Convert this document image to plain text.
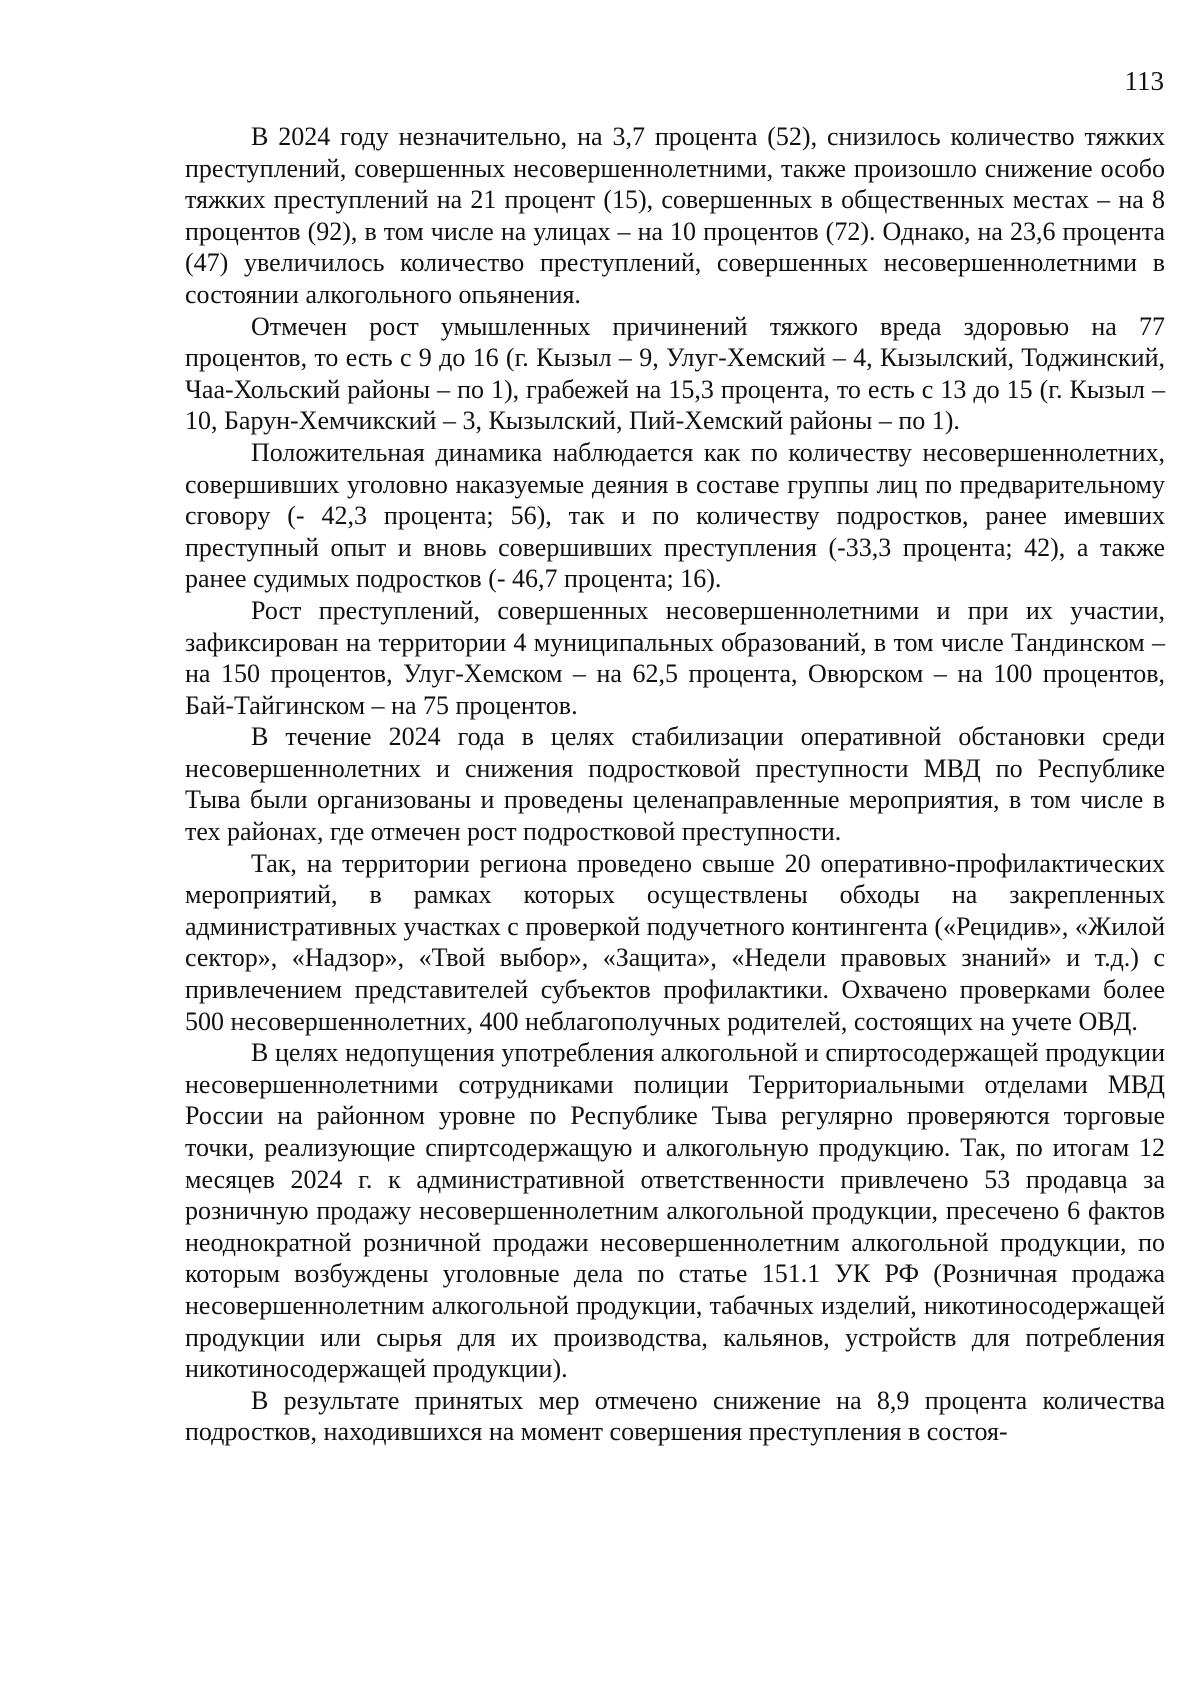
113

В 2024 году незначительно, на 3,7 процента (52), снизилось количество тяжких преступлений, совершенных несовершеннолетними, также произошло снижение особо тяжких преступлений на 21 процент (15), совершенных в общественных местах – на 8 процентов (92), в том числе на улицах – на 10 процентов (72). Однако, на 23,6 процента (47) увеличилось количество преступлений, совершенных несовершеннолетними в состоянии алкогольного опьянения.

Отмечен рост умышленных причинений тяжкого вреда здоровью на 77 процентов, то есть с 9 до 16 (г. Кызыл – 9, Улуг-Хемский – 4, Кызылский, Тоджинский, Чаа-Хольский районы – по 1), грабежей на 15,3 процента, то есть с 13 до 15 (г. Кызыл – 10, Барун-Хемчикский – 3, Кызылский, Пий-Хемский районы – по 1).

Положительная динамика наблюдается как по количеству несовершеннолетних, совершивших уголовно наказуемые деяния в составе группы лиц по предварительному сговору (- 42,3 процента; 56), так и по количеству подростков, ранее имевших преступный опыт и вновь совершивших преступления (-33,3 процента; 42), а также ранее судимых подростков (- 46,7 процента; 16).

Рост преступлений, совершенных несовершеннолетними и при их участии, зафиксирован на территории 4 муниципальных образований, в том числе Тандинском – на 150 процентов, Улуг-Хемском – на 62,5 процента, Овюрском – на 100 процентов, Бай-Тайгинском – на 75 процентов.

В течение 2024 года в целях стабилизации оперативной обстановки среди несовершеннолетних и снижения подростковой преступности МВД по Республике Тыва были организованы и проведены целенаправленные мероприятия, в том числе в тех районах, где отмечен рост подростковой преступности.

Так, на территории региона проведено свыше 20 оперативно-профилактических мероприятий, в рамках которых осуществлены обходы на закрепленных административных участках с проверкой подучетного контингента («Рецидив», «Жилой сектор», «Надзор», «Твой выбор», «Защита», «Недели правовых знаний» и т.д.) с привлечением представителей субъектов профилактики. Охвачено проверками более 500 несовершеннолетних, 400 неблагополучных родителей, состоящих на учете ОВД.

В целях недопущения употребления алкогольной и спиртосодержащей продукции несовершеннолетними сотрудниками полиции Территориальными отделами МВД России на районном уровне по Республике Тыва регулярно проверяются торговые точки, реализующие спиртсодержащую и алкогольную продукцию. Так, по итогам 12 месяцев 2024 г. к административной ответственности привлечено 53 продавца за розничную продажу несовершеннолетним алкогольной продукции, пресечено 6 фактов неоднократной розничной продажи несовершеннолетним алкогольной продукции, по которым возбуждены уголовные дела по статье 151.1 УК РФ (Розничная продажа несовершеннолетним алкогольной продукции, табачных изделий, никотиносодержащей продукции или сырья для их производства, кальянов, устройств для потребления никотиносодержащей продукции).

В результате принятых мер отмечено снижение на 8,9 процента количества подростков, находившихся на момент совершения преступления в состоя-
